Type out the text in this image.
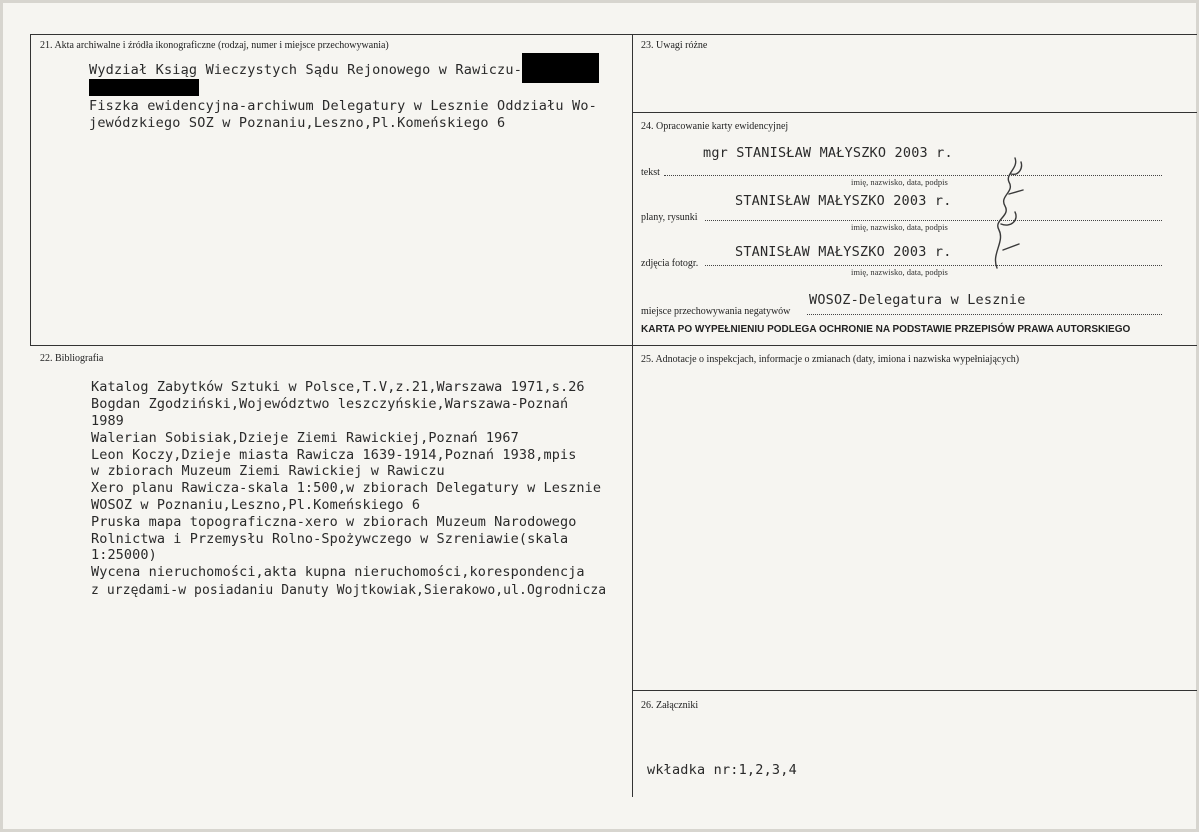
21. Akta archiwalne i źródła ikonograficzne (rodzaj, numer i miejsce przechowywania)
Wydział Ksiąg Wieczystych Sądu Rejonowego w Rawiczu-
Fiszka ewidencyjna-archiwum Delegatury w Lesznie Oddziału Wo-
jewódzkiego SOZ w Poznaniu,Leszno,Pl.Komeńskiego 6
23. Uwagi różne
24. Opracowanie karty ewidencyjnej
tekst
mgr STANISŁAW MAŁYSZKO 2003 r.
imię, nazwisko, data, podpis
plany, rysunki
STANISŁAW MAŁYSZKO 2003 r.
imię, nazwisko, data, podpis
zdjęcia fotogr.
STANISŁAW MAŁYSZKO 2003 r.
imię, nazwisko, data, podpis
miejsce przechowywania negatywów
WOSOZ-Delegatura w Lesznie
KARTA PO WYPEŁNIENIU PODLEGA OCHRONIE NA PODSTAWIE PRZEPISÓW PRAWA AUTORSKIEGO
22. Bibliografia
Katalog Zabytków Sztuki w Polsce,T.V,z.21,Warszawa 1971,s.26
Bogdan Zgodziński,Województwo leszczyńskie,Warszawa-Poznań
1989
Walerian Sobisiak,Dzieje Ziemi Rawickiej,Poznań 1967
Leon Koczy,Dzieje miasta Rawicza 1639-1914,Poznań 1938,mpis
w zbiorach Muzeum Ziemi Rawickiej w Rawiczu
Xero planu Rawicza-skala 1:500,w zbiorach Delegatury w Lesznie
WOSOZ w Poznaniu,Leszno,Pl.Komeńskiego 6
Pruska mapa topograficzna-xero w zbiorach Muzeum Narodowego
Rolnictwa i Przemysłu Rolno-Spożywczego w Szreniawie(skala
1:25000)
Wycena nieruchomości,akta kupna nieruchomości,korespondencja
z urzędami-w posiadaniu Danuty Wojtkowiak,Sierakowo,ul.Ogrodnicza
25. Adnotacje o inspekcjach, informacje o zmianach (daty, imiona i nazwiska wypełniających)
26. Załączniki
wkładka nr:1,2,3,4
